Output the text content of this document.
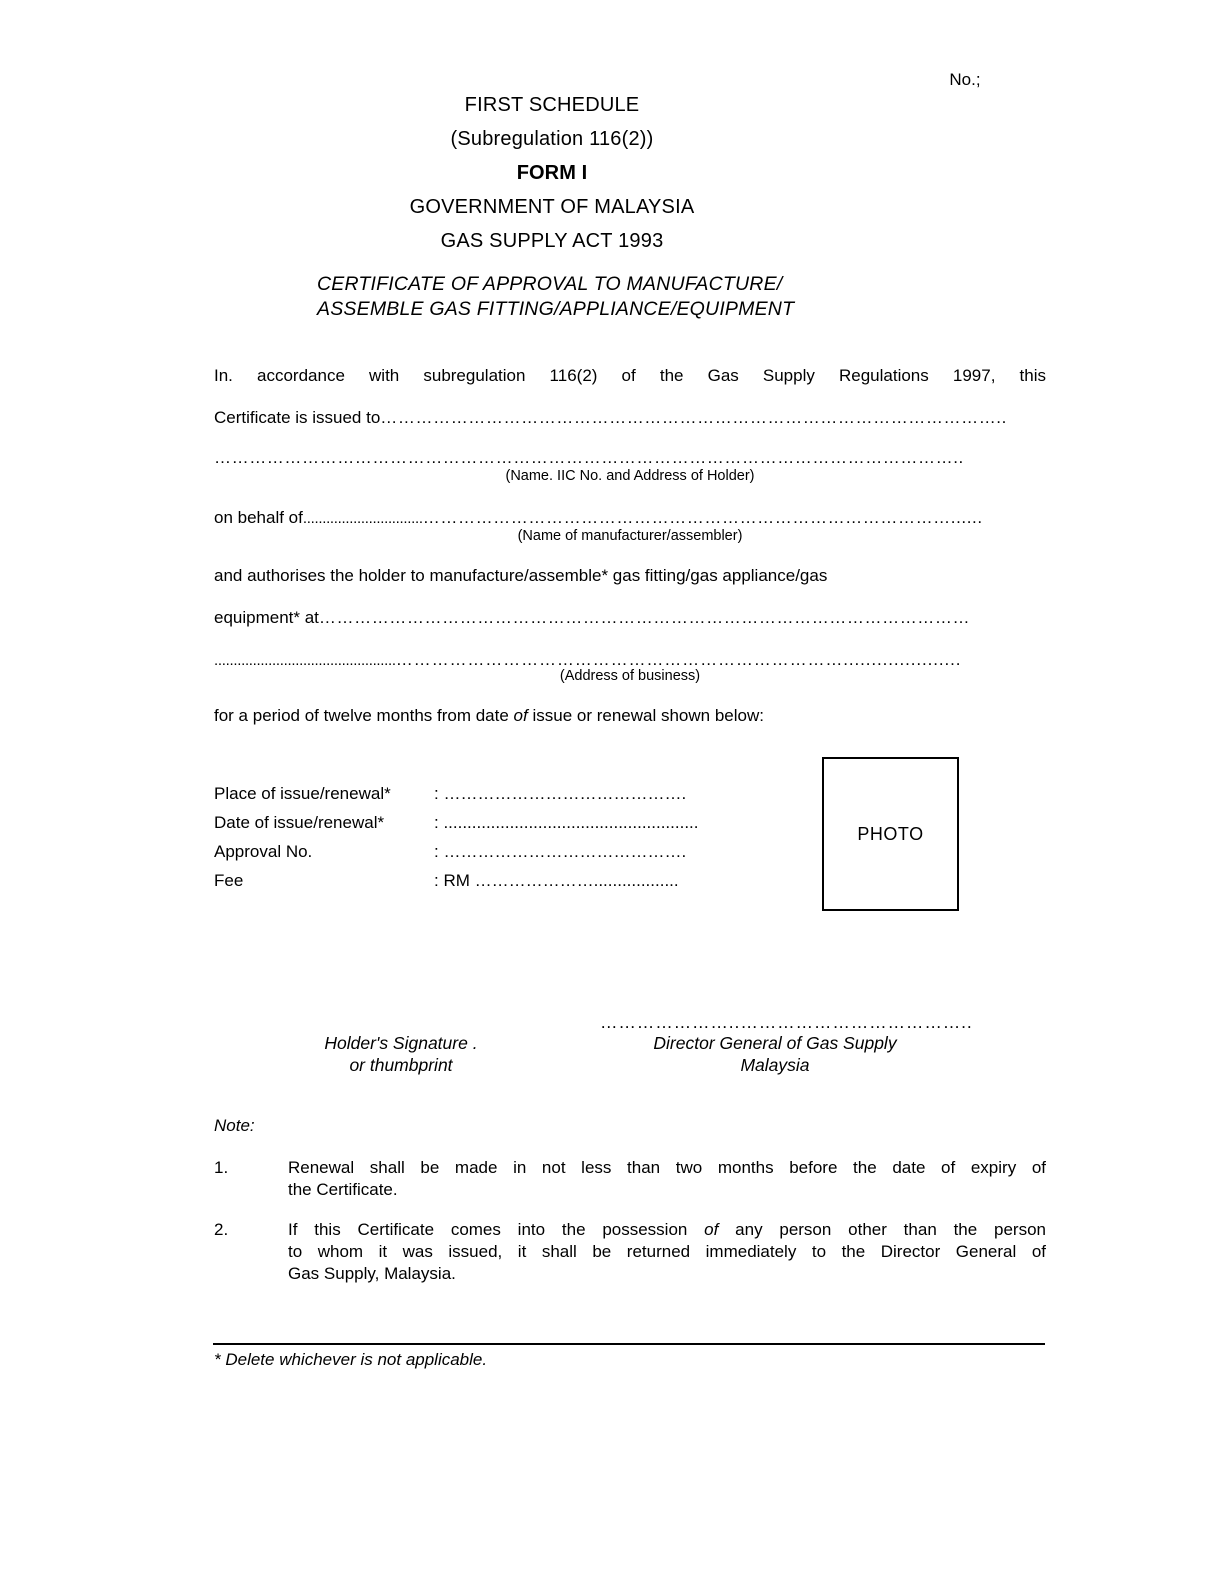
No.;
FIRST SCHEDULE
(Subregulation 116(2))
FORM I
GOVERNMENT OF MALAYSIA
GAS SUPPLY ACT 1993
CERTIFICATE OF APPROVAL TO MANUFACTURE/
ASSEMBLE GAS FITTING/APPLIANCE/EQUIPMENT
In. accordance with subregulation 116(2) of the Gas Supply Regulations 1997, this
Certificate is issued to……………………………………………………………………………………………..
………………………………………………………………………………………………………………..
(Name. IIC No. and Address of Holder)
on behalf of...............................………………………………………………………………………………......
(Name of manufacturer/assembler)
and authorises the holder to manufacture/assemble* gas fitting/gas appliance/gas
equipment* at…………………………………………………………………………………………………
...............................................………………………………………………………………….....................
(Address of business)
for a period of twelve months from date of issue or renewal shown below:
Place of issue/renewal*	: …………………………………….
Date of issue/renewal*	: ......................................................
Approval No.	: …………………………………….
Fee	: RM …………………..................
PHOTO
Holder's Signature .
or thumbprint
…………………..………………………………..
Director General of Gas Supply
Malaysia
Note:
1.	Renewal shall be made in not less than two months before the date of expiry of
the Certificate.
2.	If this Certificate comes into the possession of any person other than the person
to whom it was issued, it shall be returned immediately to the Director General of
Gas Supply, Malaysia.
* Delete whichever is not applicable.
